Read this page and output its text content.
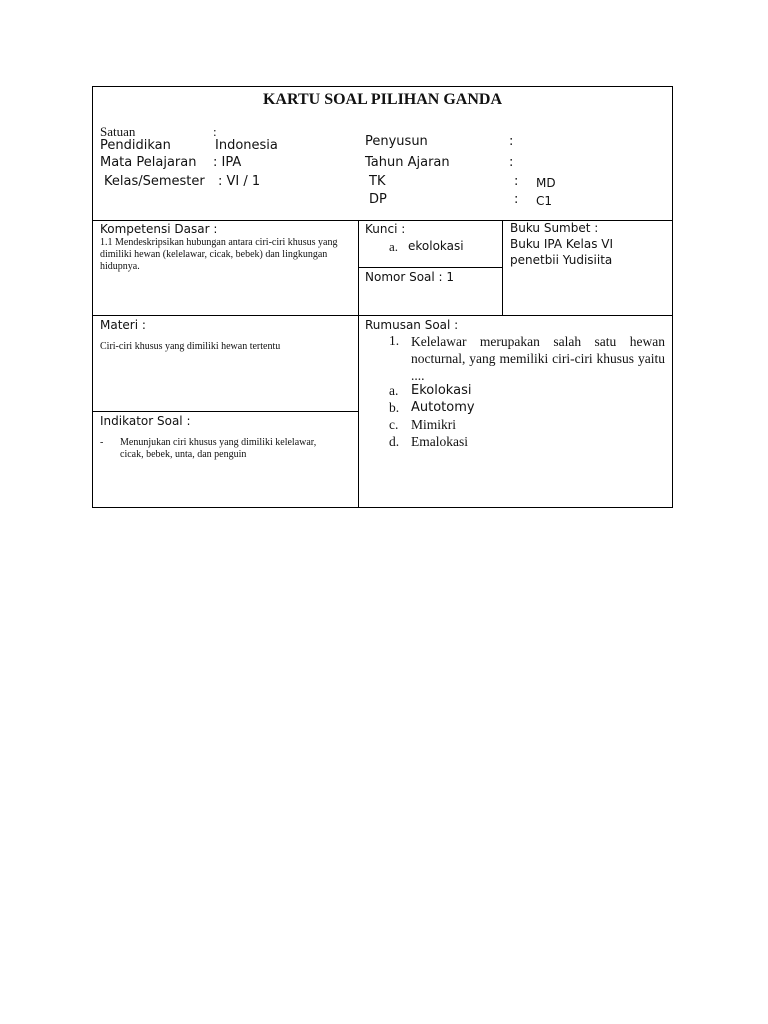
KARTU SOAL PILIHAN GANDA
Satuan	:
Pendidikan	Indonesia
Mata Pelajaran : IPA
Kelas/Semester : VI / 1
Penyusun	:
Tahun Ajaran	:
TK	: MD
DP	: C1
Kompetensi Dasar :
1.1 Mendeskripsikan hubungan antara ciri-ciri khusus yang dimiliki hewan (kelelawar, cicak, bebek) dan lingkungan hidupnya.
Kunci :
a. ekolokasi
Nomor Soal : 1
Buku Sumbet :
Buku IPA Kelas VI
penetbii Yudisiita
Materi :
Ciri-ciri khusus yang dimiliki hewan tertentu
Indikator Soal :
- Menunjukan ciri khusus yang dimiliki kelelawar, cicak, bebek, unta, dan penguin
Rumusan Soal :
1. Kelelawar merupakan salah satu hewan nocturnal, yang memiliki ciri-ciri khusus yaitu ....
a. Ekolokasi
b. Autotomy
c. Mimikri
d. Emalokasi
